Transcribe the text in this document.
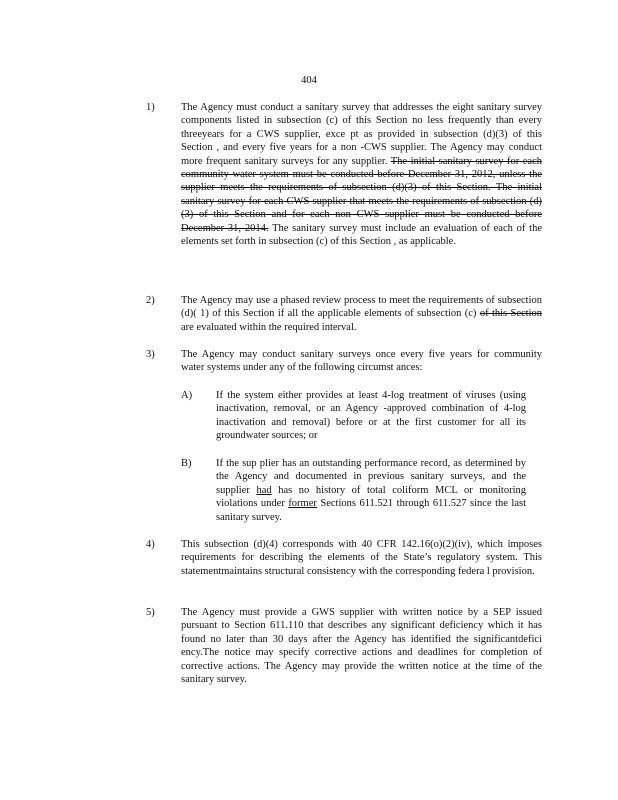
404
1)	The Agency must conduct a sanitary survey that addresses the eight sanitary survey components listed in subsection (c) of this Section no less frequently than every threeyears for a CWS supplier, exce pt as provided in subsection (d)(3) of this Section , and every five years for a non -CWS supplier. The Agency may conduct more frequent sanitary surveys for any supplier. The initial sanitary survey for each community water system must be conducted before December 31, 2012, unless the supplier meets the requirements of subsection (d)(3) of this Section. The initial sanitary survey for each CWS supplier that meets the requirements of subsection (d)(3) of this Section and for each non CWS supplier must be conducted before December 31, 2014. The sanitary survey must include an evaluation of each of the elements set forth in subsection (c) of this Section , as applicable.
2)	The Agency may use a phased review process to meet the requirements of subsection (d)( 1) of this Section if all the applicable elements of subsection (c) of this Section are evaluated within the required interval.
3)	The Agency may conduct sanitary surveys once every five years for community water systems under any of the following circumst ances:
A) If the system either provides at least 4-log treatment of viruses (using inactivation, removal, or an Agency -approved combination of 4-log inactivation and removal) before or at the first customer for all its groundwater sources; or
B) If the sup plier has an outstanding performance record, as determined by the Agency and documented in previous sanitary surveys, and the supplier had has no history of total coliform MCL or monitoring violations under former Sections 611.521 through 611.527 since the last sanitary survey.
4)	This subsection (d)(4) corresponds with 40 CFR 142.16(o)(2)(iv), which imposes requirements for describing the elements of the State’s regulatory system. This statementmaintains structural consistency with the corresponding federa l provision.
5)	The Agency must provide a GWS supplier with written notice by a SEP issued pursuant to Section 611.110 that describes any significant deficiency which it has found no later than 30 days after the Agency has identified the significantdefici ency.The notice may specify corrective actions and deadlines for completion of corrective actions. The Agency may provide the written notice at the time of the sanitary survey.
